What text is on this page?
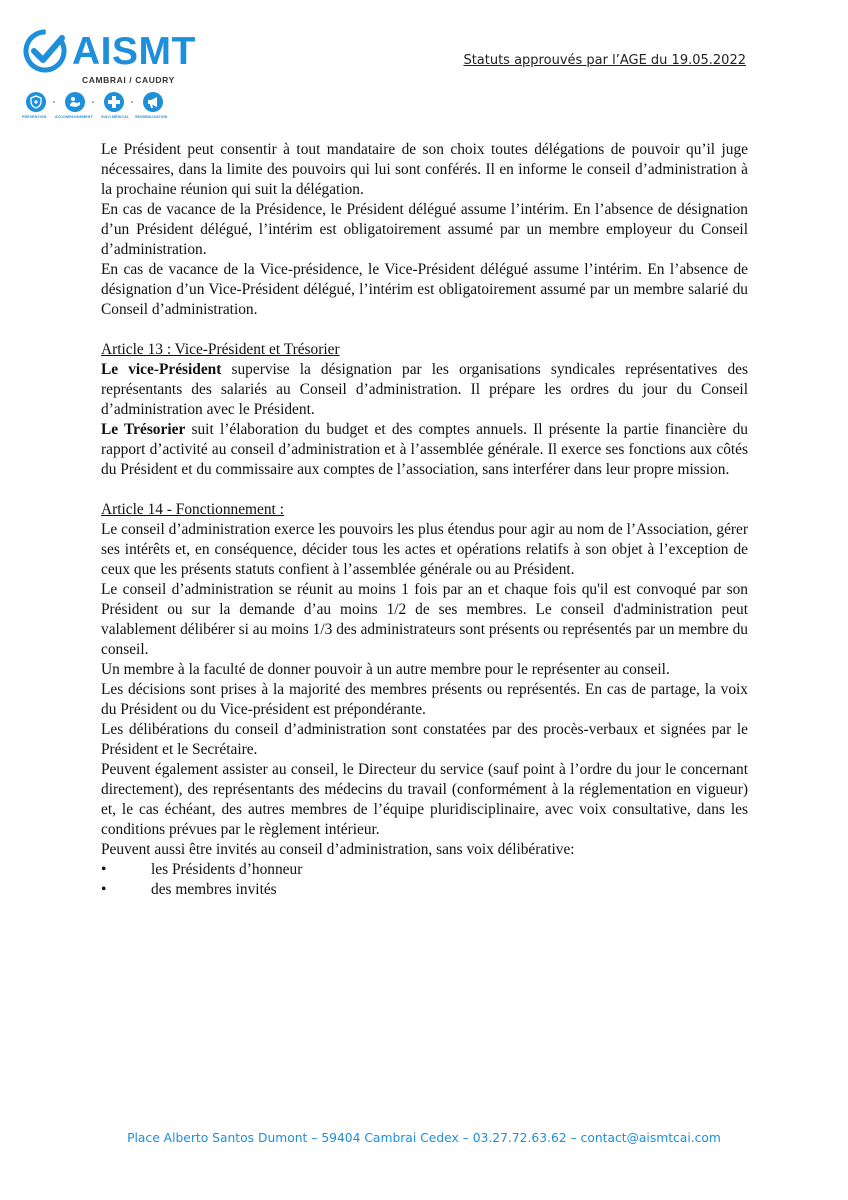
AISMT
CAMBRAI / CAUDRY
PRÉVENTION ACCOMPAGNEMENT SUIVI MÉDICAL SENSIBILISATION
Statuts approuvés par l’AGE du 19.05.2022

Le Président peut consentir à tout mandataire de son choix toutes délégations de pouvoir qu’il juge nécessaires, dans la limite des pouvoirs qui lui sont conférés. Il en informe le conseil d’administration à la prochaine réunion qui suit la délégation.

En cas de vacance de la Présidence, le Président délégué assume l’intérim. En l’absence de désignation d’un Président délégué, l’intérim est obligatoirement assumé par un membre employeur du Conseil d’administration.

En cas de vacance de la Vice-présidence, le Vice-Président délégué assume l’intérim. En l’absence de désignation d’un Vice-Président délégué, l’intérim est obligatoirement assumé par un membre salarié du Conseil d’administration.

Article 13 : Vice-Président et Trésorier

Le vice-Président supervise la désignation par les organisations syndicales représentatives des représentants des salariés au Conseil d’administration. Il prépare les ordres du jour du Conseil d’administration avec le Président.

Le Trésorier suit l’élaboration du budget et des comptes annuels. Il présente la partie financière du rapport d’activité au conseil d’administration et à l’assemblée générale. Il exerce ses fonctions aux côtés du Président et du commissaire aux comptes de l’association, sans interférer dans leur propre mission.

Article 14 - Fonctionnement :

Le conseil d’administration exerce les pouvoirs les plus étendus pour agir au nom de l’Association, gérer ses intérêts et, en conséquence, décider tous les actes et opérations relatifs à son objet à l’exception de ceux que les présents statuts confient à l’assemblée générale ou au Président.

Le conseil d’administration se réunit au moins 1 fois par an et chaque fois qu'il est convoqué par son Président ou sur la demande d’au moins 1/2 de ses membres. Le conseil d'administration peut valablement délibérer si au moins 1/3 des administrateurs sont présents ou représentés par un membre du conseil.

Un membre à la faculté de donner pouvoir à un autre membre pour le représenter au conseil.

Les décisions sont prises à la majorité des membres présents ou représentés. En cas de partage, la voix du Président ou du Vice-président est prépondérante.

Les délibérations du conseil d’administration sont constatées par des procès-verbaux et signées par le Président et le Secrétaire.

Peuvent également assister au conseil, le Directeur du service (sauf point à l’ordre du jour le concernant directement), des représentants des médecins du travail (conformément à la réglementation en vigueur) et, le cas échéant, des autres membres de l’équipe pluridisciplinaire, avec voix consultative, dans les conditions prévues par le règlement intérieur.

Peuvent aussi être invités au conseil d’administration, sans voix délibérative:

•	les Présidents d’honneur
•	des membres invités
Place Alberto Santos Dumont – 59404 Cambrai Cedex – 03.27.72.63.62 – contact@aismtcai.com
